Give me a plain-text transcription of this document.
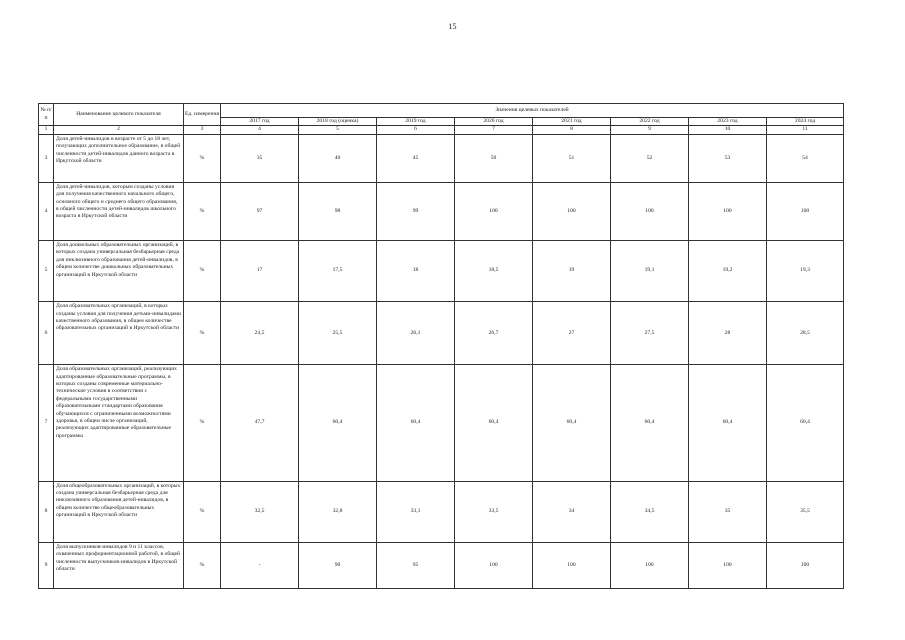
15
№ п/п	Наименование целевого показателя	Ед. измерения	Значения целевых показателей							
			2017 год	2018 год (оценка)	2019 год	2020 год	2021 год	2022 год	2023 год	2024 год
1	2	3	4	5	6	7	8	9	10	11
3	Доля детей-инвалидов в возрасте от 5 до 18 лет, получающих дополнительное образование, в общей численности детей-инвалидов данного возраста в Иркутской области	%	35	40	45	50	51	52	53	54
4	Доля детей-инвалидов, которым созданы условия для получения качественного начального общего, основного общего и среднего общего образования, в общей численности детей-инвалидов школьного возраста в Иркутской области	%	97	98	99	100	100	100	100	100
5	Доля дошкольных образовательных организаций, в которых создана универсальная безбарьерная среда для инклюзивного образования детей-инвалидов, в общем количестве дошкольных образовательных организаций в Иркутской области	%	17	17,5	18	18,5	19	19,1	19,2	19,3
6	Доля образовательных организаций, в которых созданы условия для получения детьми-инвалидами качественного образования, в общем количестве образовательных организаций в Иркутской области	%	24,5	25,5	26,1	26,7	27	27,5	28	28,5
7	Доля образовательных организаций, реализующих адаптированные образовательные программы, в которых созданы современные материально-технические условия в соответствии с федеральными государственными образовательными стандартами образования обучающихся с ограниченными возможностями здоровья, в общем числе организаций, реализующих адаптированные образовательные программы	%	47,7	60,4	60,4	60,4	60,4	60,4	60,4	60,4
8	Доля общеобразовательных организаций, в которых создана универсальная безбарьерная среда для инклюзивного образования детей-инвалидов, в общем количестве общеобразовательных организаций в Иркутской области	%	32,5	32,8	33,1	33,5	34	34,5	35	35,5
9	Доля выпускников-инвалидов 9 и 11 классов, охваченных профориентационной работой, в общей численности выпускников-инвалидов в Иркутской области	%	-	90	95	100	100	100	100	100
